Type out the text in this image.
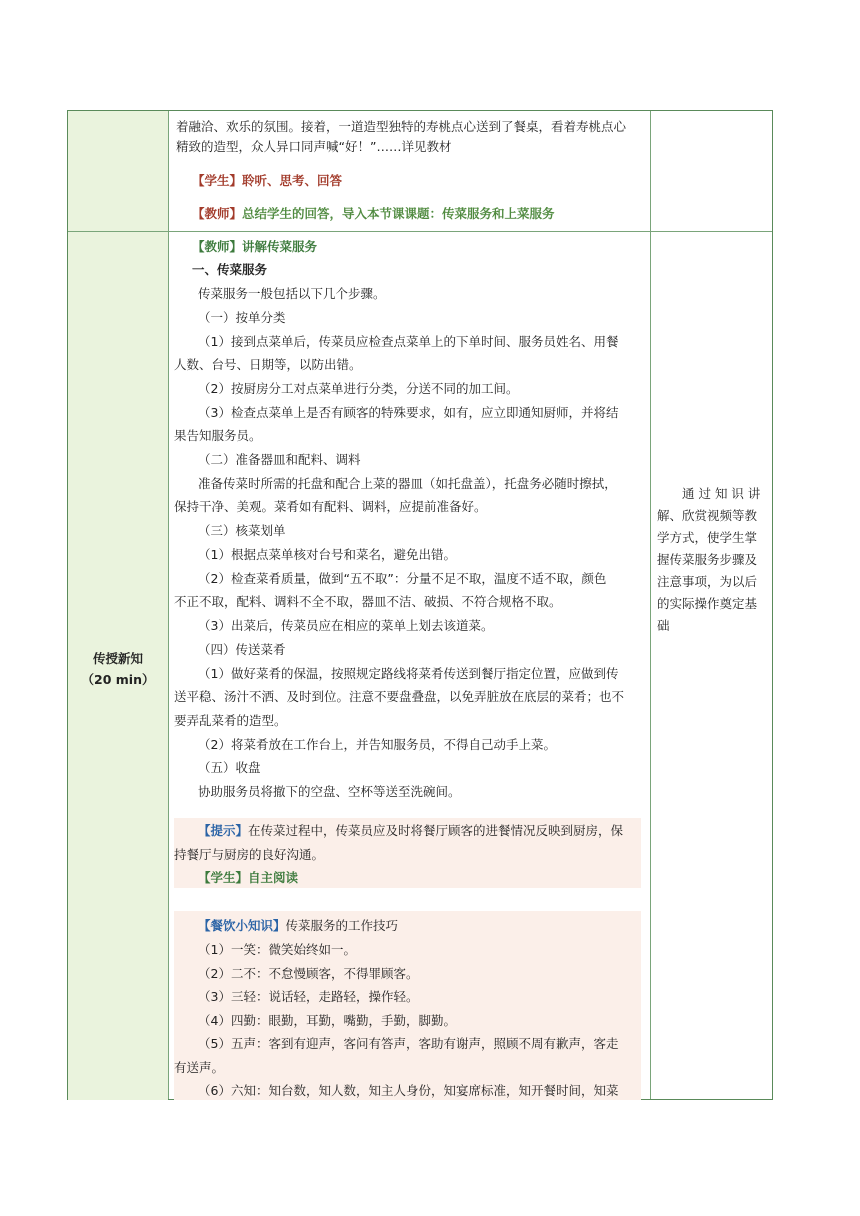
着融洽、欢乐的氛围。接着，一道造型独特的寿桃点心送到了餐桌，看着寿桃点心
精致的造型，众人异口同声喊“好！”……详见教材
【学生】聆听、思考、回答
【教师】总结学生的回答，导入本节课课题：传菜服务和上菜服务
传授新知
（20 min）
通 过 知 识 讲
解、欣赏视频等教
学方式，使学生掌
握传菜服务步骤及
注意事项，为以后
的实际操作奠定基
础
【教师】讲解传菜服务
一、传菜服务
传菜服务一般包括以下几个步骤。
（一）按单分类
（1）接到点菜单后，传菜员应检查点菜单上的下单时间、服务员姓名、用餐
人数、台号、日期等，以防出错。
（2）按厨房分工对点菜单进行分类，分送不同的加工间。
（3）检查点菜单上是否有顾客的特殊要求，如有，应立即通知厨师，并将结
果告知服务员。
（二）准备器皿和配料、调料
准备传菜时所需的托盘和配合上菜的器皿（如托盘盖），托盘务必随时擦拭，
保持干净、美观。菜肴如有配料、调料，应提前准备好。
（三）核菜划单
（1）根据点菜单核对台号和菜名，避免出错。
（2）检查菜肴质量，做到“五不取”：分量不足不取，温度不适不取，颜色
不正不取，配料、调料不全不取，器皿不洁、破损、不符合规格不取。
（3）出菜后，传菜员应在相应的菜单上划去该道菜。
（四）传送菜肴
（1）做好菜肴的保温，按照规定路线将菜肴传送到餐厅指定位置，应做到传
送平稳、汤汁不洒、及时到位。注意不要盘叠盘，以免弄脏放在底层的菜肴；也不
要弄乱菜肴的造型。
（2）将菜肴放在工作台上，并告知服务员，不得自己动手上菜。
（五）收盘
协助服务员将撤下的空盘、空杯等送至洗碗间。
【提示】在传菜过程中，传菜员应及时将餐厅顾客的进餐情况反映到厨房，保
持餐厅与厨房的良好沟通。
【学生】自主阅读
【餐饮小知识】传菜服务的工作技巧
（1）一笑：微笑始终如一。
（2）二不：不怠慢顾客，不得罪顾客。
（3）三轻：说话轻，走路轻，操作轻。
（4）四勤：眼勤，耳勤，嘴勤，手勤，脚勤。
（5）五声：客到有迎声，客问有答声，客助有谢声，照顾不周有歉声，客走
有送声。
（6）六知：知台数，知人数，知主人身份，知宴席标准，知开餐时间，知菜
